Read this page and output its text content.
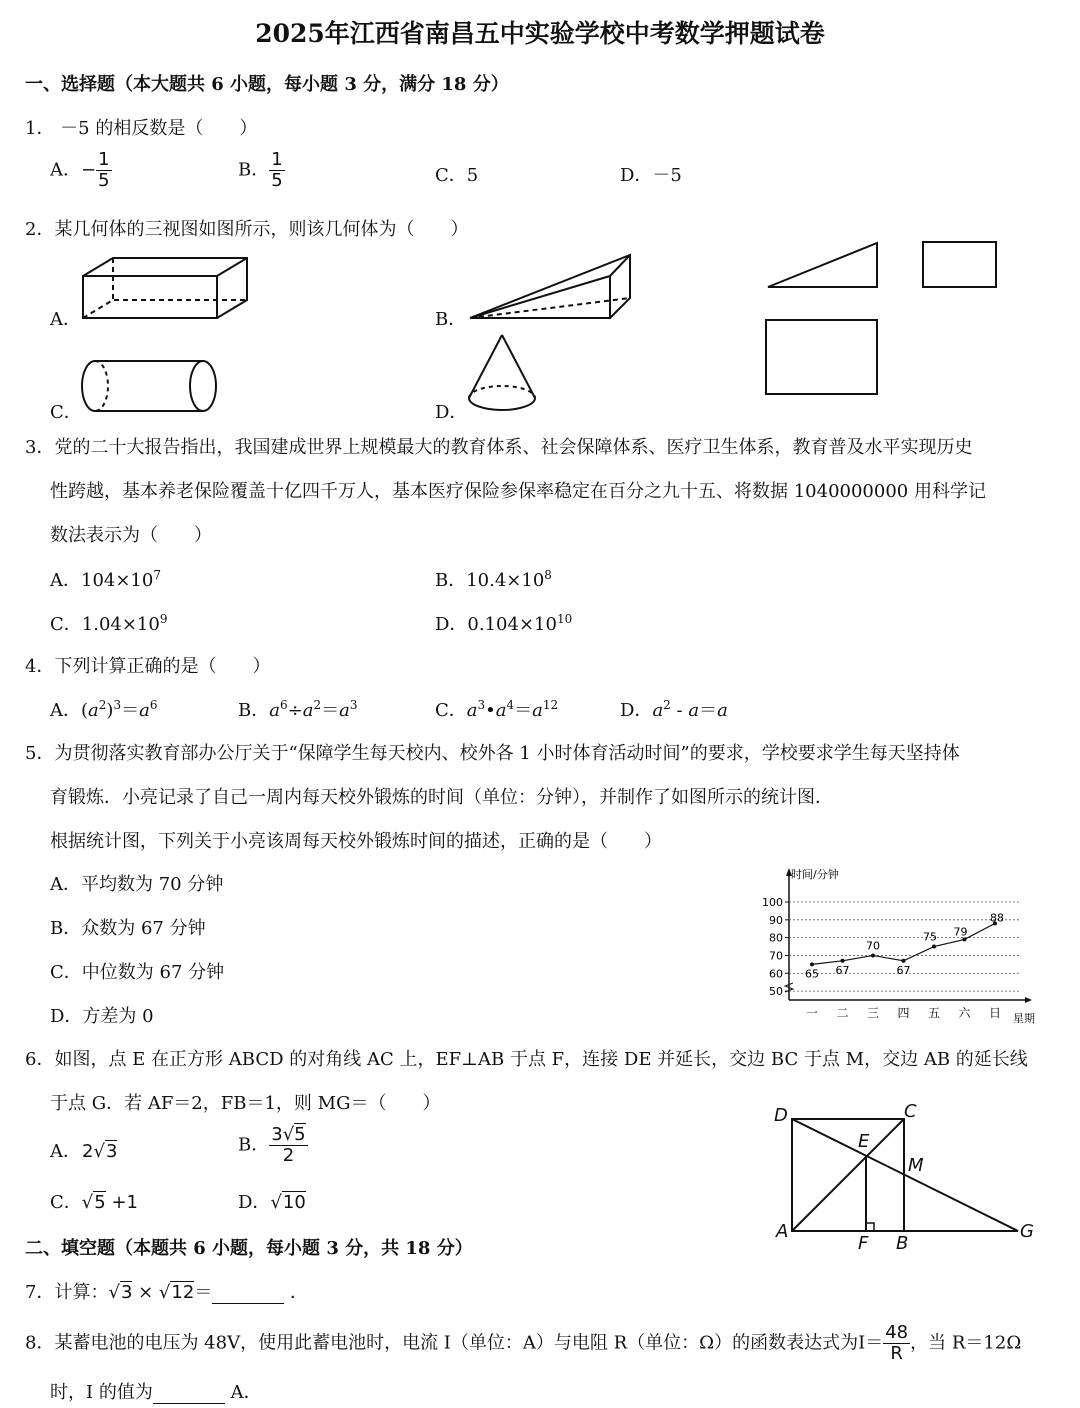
2025年江西省南昌五中实验学校中考数学押题试卷
一、选择题（本大题共 6 小题，每小题 3 分，满分 18 分）
1． －5 的相反数是（　　）
A．− $\frac{1}{5}$	B． $\frac{1}{5}$	C．5	D．－5
2．某几何体的三视图如图所示，则该几何体为（　　）
A．	B．
C．	D．
3．党的二十大报告指出，我国建成世界上规模最大的教育体系、社会保障体系、医疗卫生体系，教育普及水平实现历史
性跨越，基本养老保险覆盖十亿四千万人，基本医疗保险参保率稳定在百分之九十五、将数据 1040000000 用科学记
数法表示为（　　）
A．$104\times 10^7$	B．$10.4\times 10^8$
C．$1.04\times 10^9$	D．$0.104\times 10^{10}$
4．下列计算正确的是（　　）
A．$(a^2)^3=a^6$	B．$a^6\div a^2=a^3$	C．$a^3•a^4=a^{12}$	D．$a^2 - a=a$
5．为贯彻落实教育部办公厅关于“保障学生每天校内、校外各 1 小时体育活动时间”的要求，学校要求学生每天坚持体
育锻炼．小亮记录了自己一周内每天校外锻炼的时间（单位：分钟），并制作了如图所示的统计图．
根据统计图，下列关于小亮该周每天校外锻炼时间的描述，正确的是（　　）
A．平均数为 70 分钟
B．众数为 67 分钟
C．中位数为 67 分钟
D．方差为 0
时间/分钟
星期
50
60
70
80
90
100
一 二 三 四 五 六 日
65 67
70
67
75 79
88
6．如图，点 E 在正方形 ABCD 的对角线 AC 上，EF⊥AB 于点 F，连接 DE 并延长，交边 BC 于点 M，交边 AB 的延长线
于点 G．若 AF＝2，FB＝1，则 MG＝（　　）
A．2√3	B． $\frac{3√5}{2}$
C．√5 +1	D．√10
D	C
E
M
A
F B
G
二、填空题（本题共 6 小题，每小题 3 分，共 18 分）
7．计算：√3 × √12＝	．
8．某蓄电池的电压为 48V，使用此蓄电池时，电流 I（单位：A）与电阻 R（单位：Ω）的函数表达式为$I= \frac{48}{R}$ ，当 R＝12Ω
时，I 的值为	A．
